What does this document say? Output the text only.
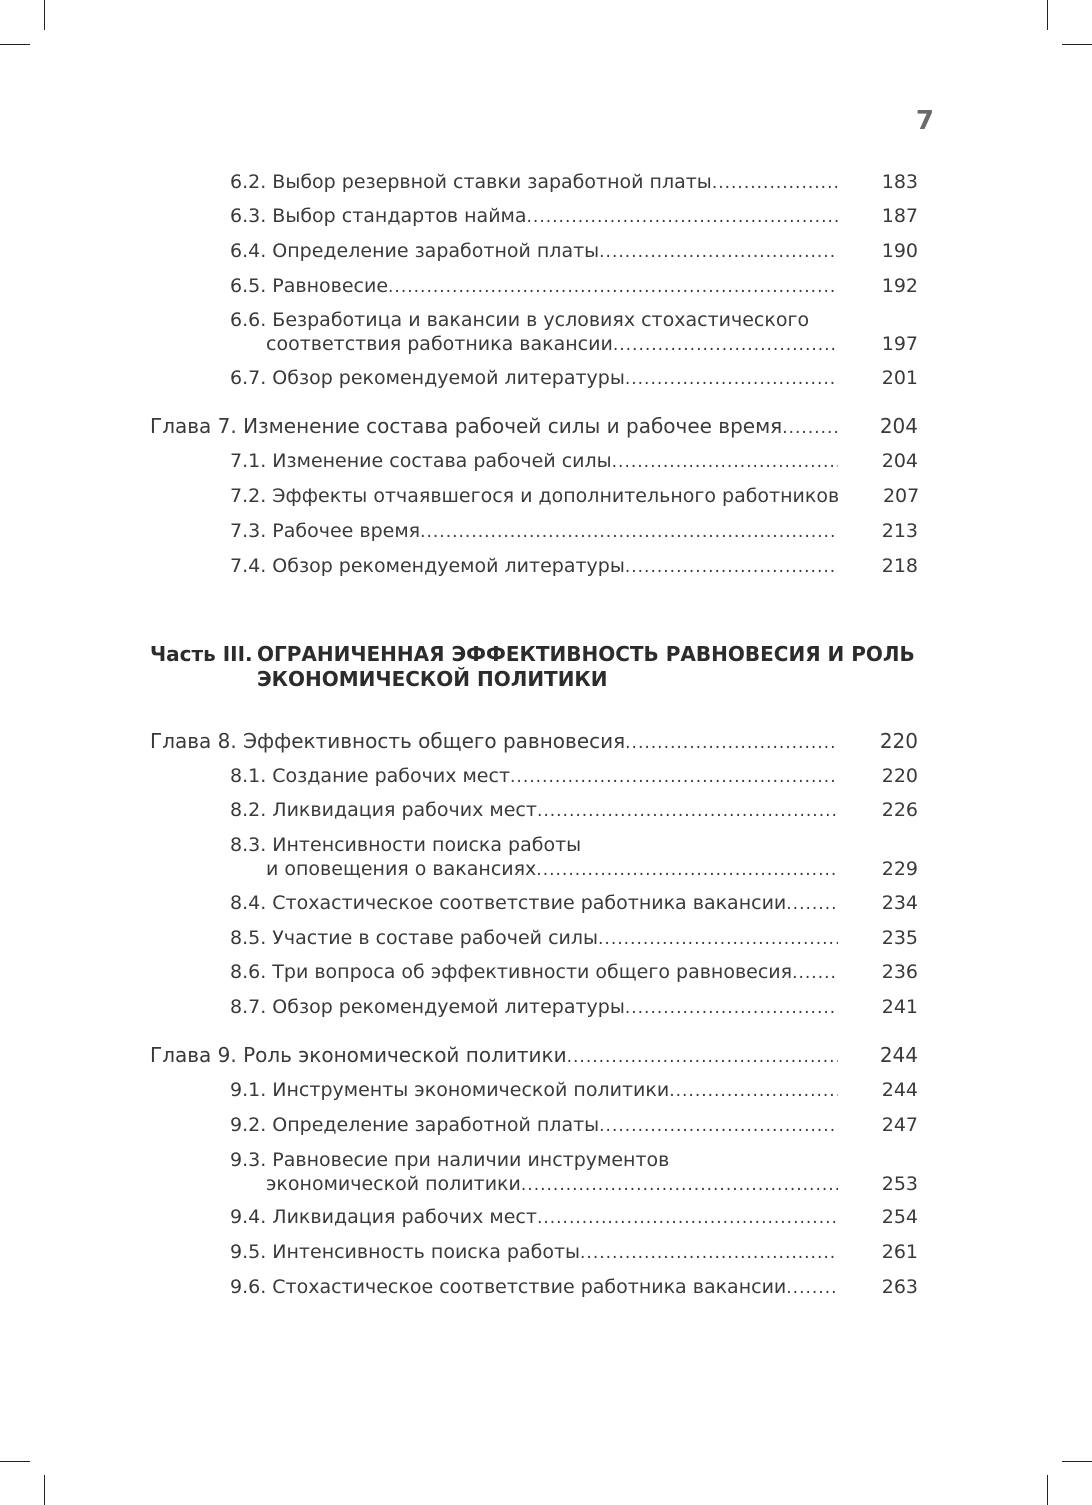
7
6.2. Выбор резервной ставки заработной платы .....	183
6.3. Выбор стандартов найма .....	187
6.4. Определение заработной платы .....	190
6.5. Равновесие .....	192
6.6. Безработица и вакансии в условиях стохастического
соответствия работника вакансии .....	197
6.7. Обзор рекомендуемой литературы .....	201
Глава 7. Изменение состава рабочей силы и рабочее время .....	204
7.1. Изменение состава рабочей силы .....	204
7.2. Эффекты отчаявшегося и дополнительного работников	207
7.3. Рабочее время .....	213
7.4. Обзор рекомендуемой литературы .....	218
Часть III. ОГРАНИЧЕННАЯ ЭФФЕКТИВНОСТЬ РАВНОВЕСИЯ И РОЛЬ
ЭКОНОМИЧЕСКОЙ ПОЛИТИКИ
Глава 8. Эффективность общего равновесия .....	220
8.1. Создание рабочих мест .....	220
8.2. Ликвидация рабочих мест .....	226
8.3. Интенсивности поиска работы
и оповещения о вакансиях .....	229
8.4. Стохастическое соответствие работника вакансии .....	234
8.5. Участие в составе рабочей силы .....	235
8.6. Три вопроса об эффективности общего равновесия .....	236
8.7. Обзор рекомендуемой литературы .....	241
Глава 9. Роль экономической политики .....	244
9.1. Инструменты экономической политики .....	244
9.2. Определение заработной платы .....	247
9.3. Равновесие при наличии инструментов
экономической политики .....	253
9.4. Ликвидация рабочих мест .....	254
9.5. Интенсивность поиска работы .....	261
9.6. Стохастическое соответствие работника вакансии .....	263
